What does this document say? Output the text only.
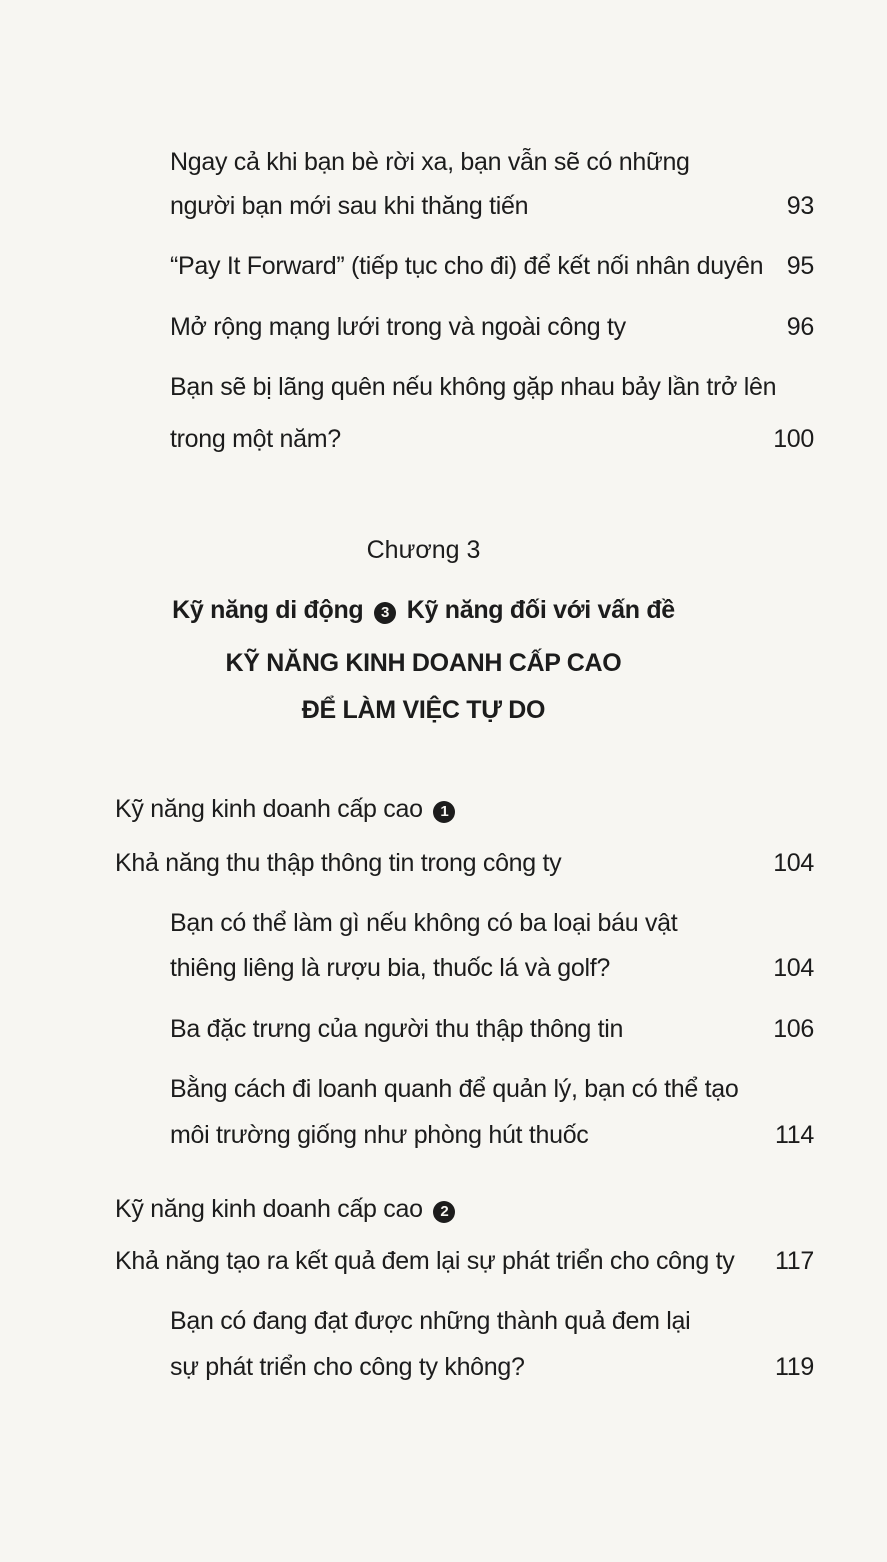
Ngay cả khi bạn bè rời xa, bạn vẫn sẽ có những
người bạn mới sau khi thăng tiến	93
“Pay It Forward” (tiếp tục cho đi) để kết nối nhân duyên 95
Mở rộng mạng lưới trong và ngoài công ty	96
Bạn sẽ bị lãng quên nếu không gặp nhau bảy lần trở lên
trong một năm?	100
Chương 3
Kỹ năng di động 3 Kỹ năng đối với vấn đề
KỸ NĂNG KINH DOANH CẤP CAO
ĐỂ LÀM VIỆC TỰ DO
Kỹ năng kinh doanh cấp cao 1
Khả năng thu thập thông tin trong công ty	104
Bạn có thể làm gì nếu không có ba loại báu vật
thiêng liêng là rượu bia, thuốc lá và golf?	104
Ba đặc trưng của người thu thập thông tin	106
Bằng cách đi loanh quanh để quản lý, bạn có thể tạo
môi trường giống như phòng hút thuốc	114
Kỹ năng kinh doanh cấp cao 2
Khả năng tạo ra kết quả đem lại sự phát triển cho công ty	117
Bạn có đang đạt được những thành quả đem lại
sự phát triển cho công ty không?	119
